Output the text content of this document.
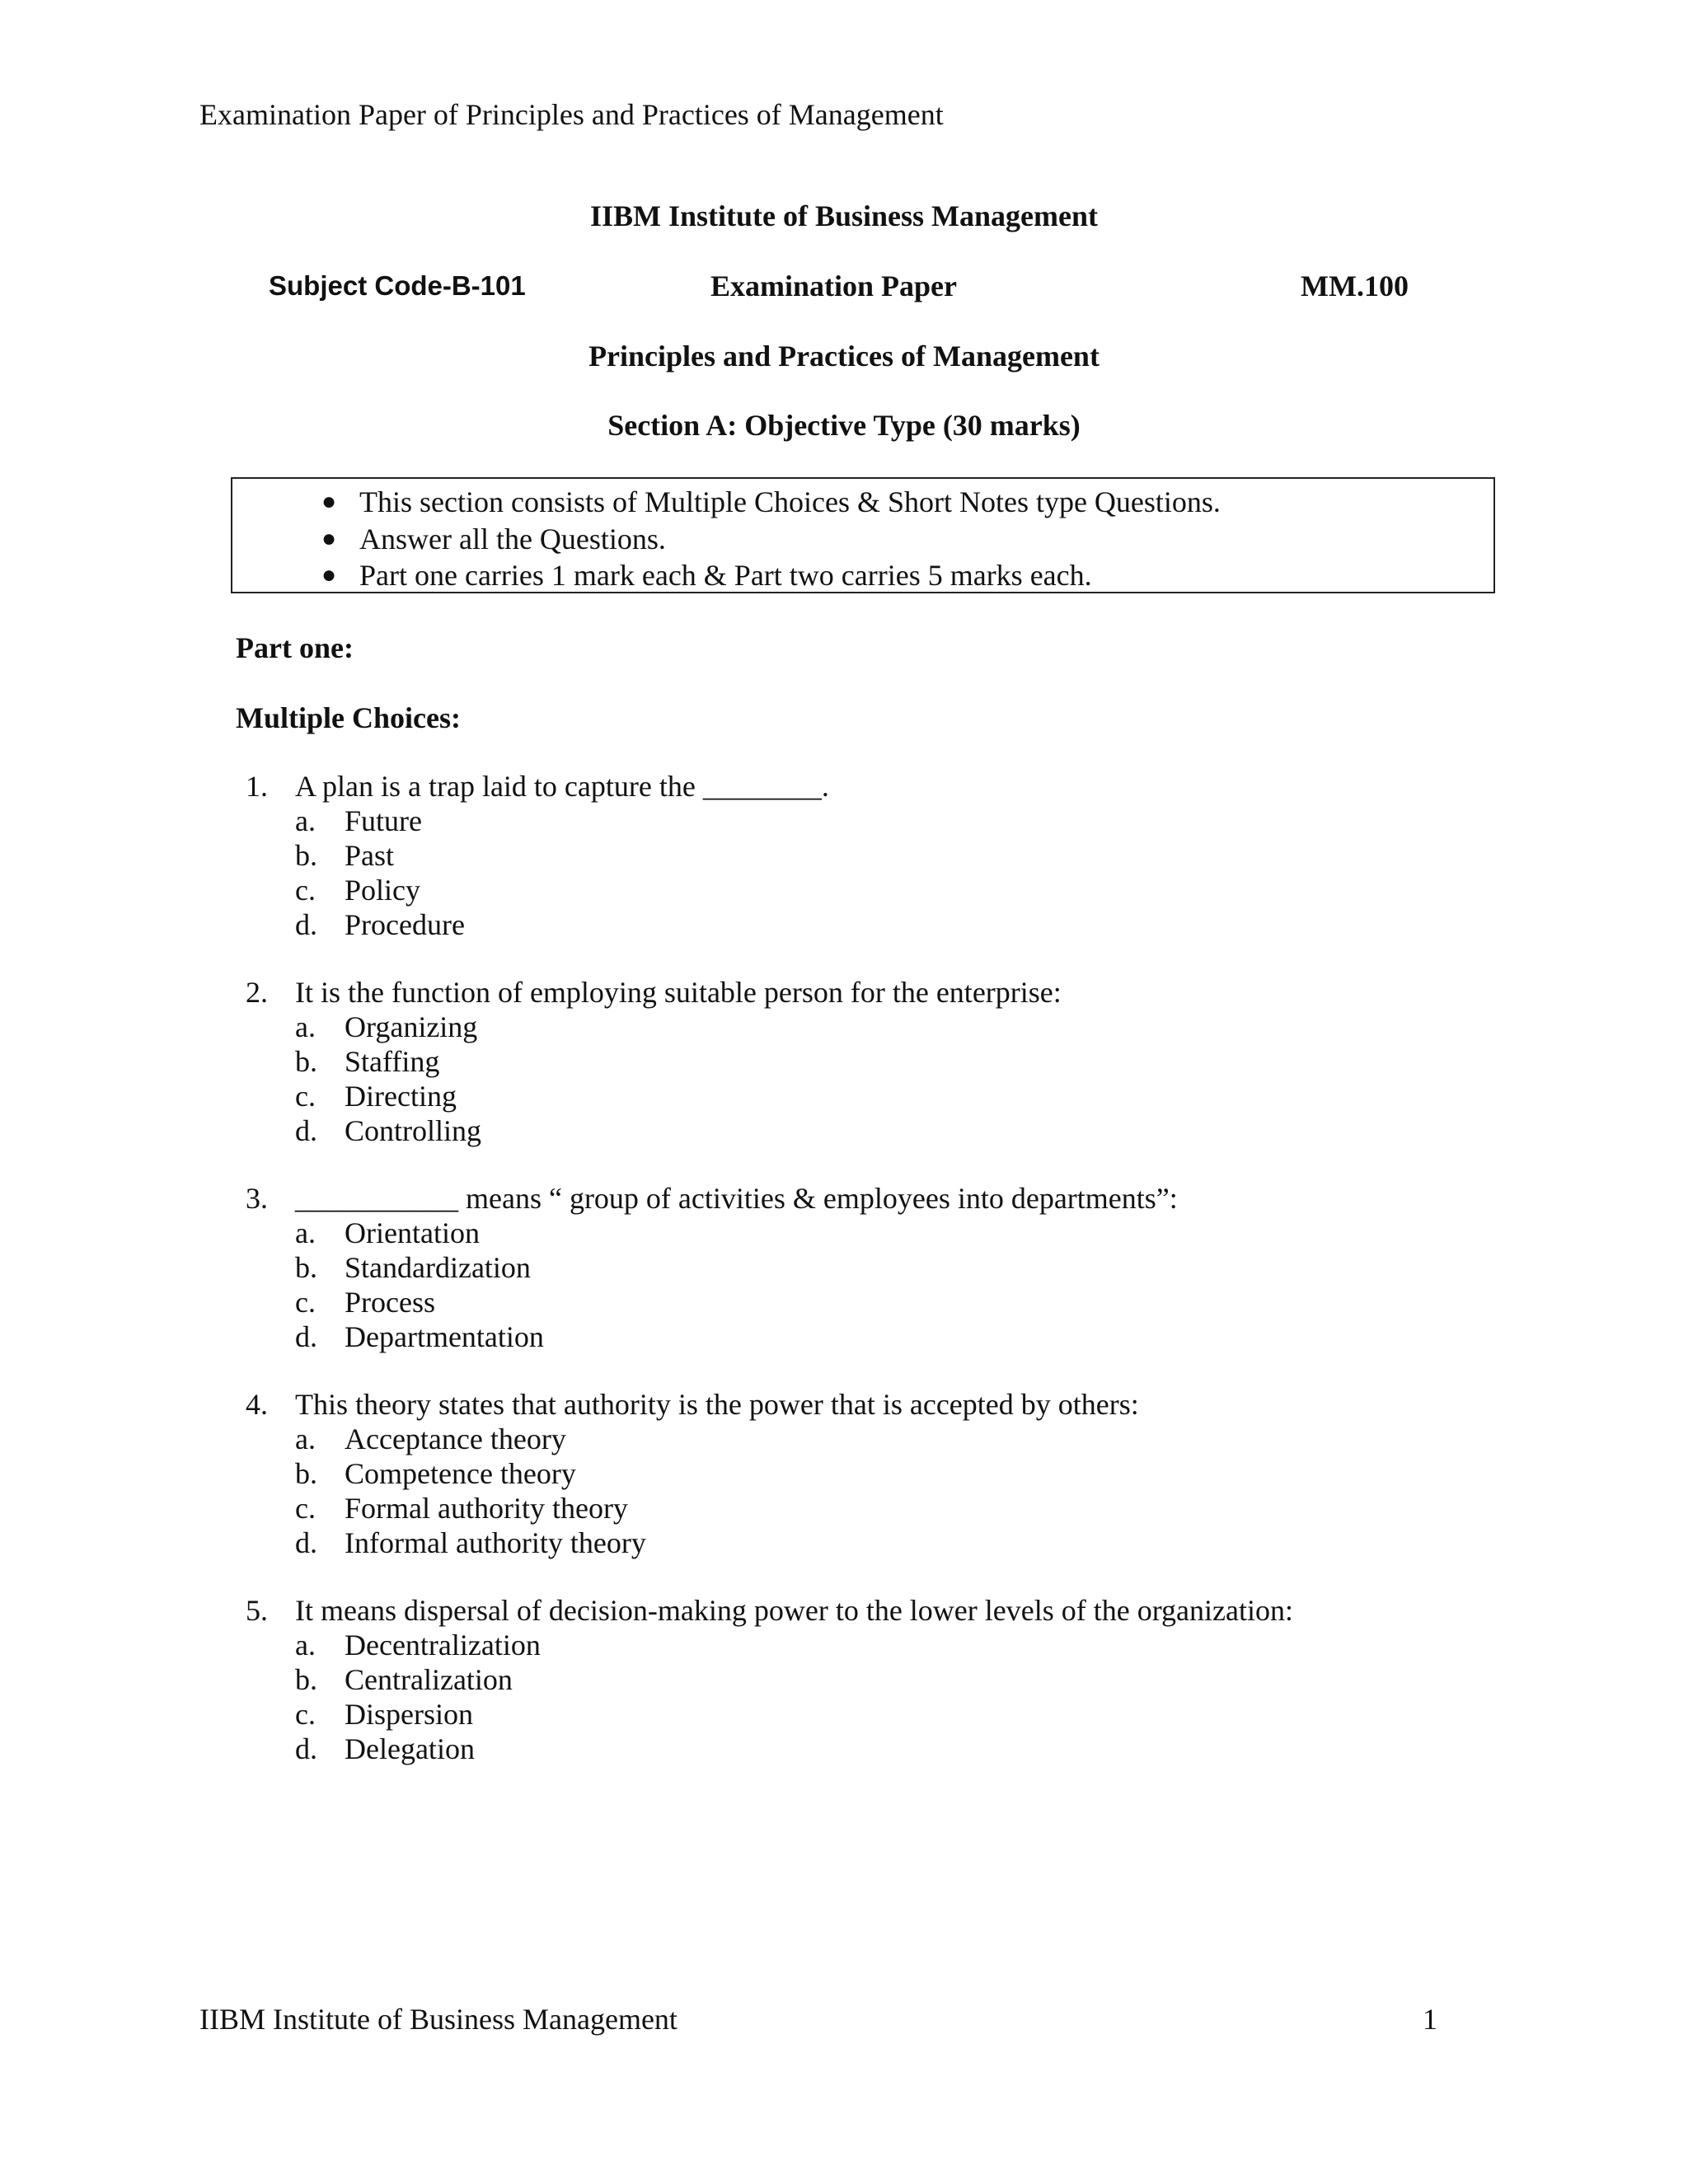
Examination Paper of Principles and Practices of Management
IIBM Institute of Business Management
Subject Code-B-101	Examination Paper	MM.100
Principles and Practices of Management
Section A: Objective Type (30 marks)
● This section consists of Multiple Choices & Short Notes type Questions.
● Answer all the Questions.
● Part one carries 1 mark each & Part two carries 5 marks each.
Part one:
Multiple Choices:
1. A plan is a trap laid to capture the ________.
a. Future
b. Past
c. Policy
d. Procedure
2. It is the function of employing suitable person for the enterprise:
a. Organizing
b. Staffing
c. Directing
d. Controlling
3. ___________ means “ group of activities & employees into departments”:
a. Orientation
b. Standardization
c. Process
d. Departmentation
4. This theory states that authority is the power that is accepted by others:
a. Acceptance theory
b. Competence theory
c. Formal authority theory
d. Informal authority theory
5. It means dispersal of decision-making power to the lower levels of the organization:
a. Decentralization
b. Centralization
c. Dispersion
d. Delegation
IIBM Institute of Business Management	1
